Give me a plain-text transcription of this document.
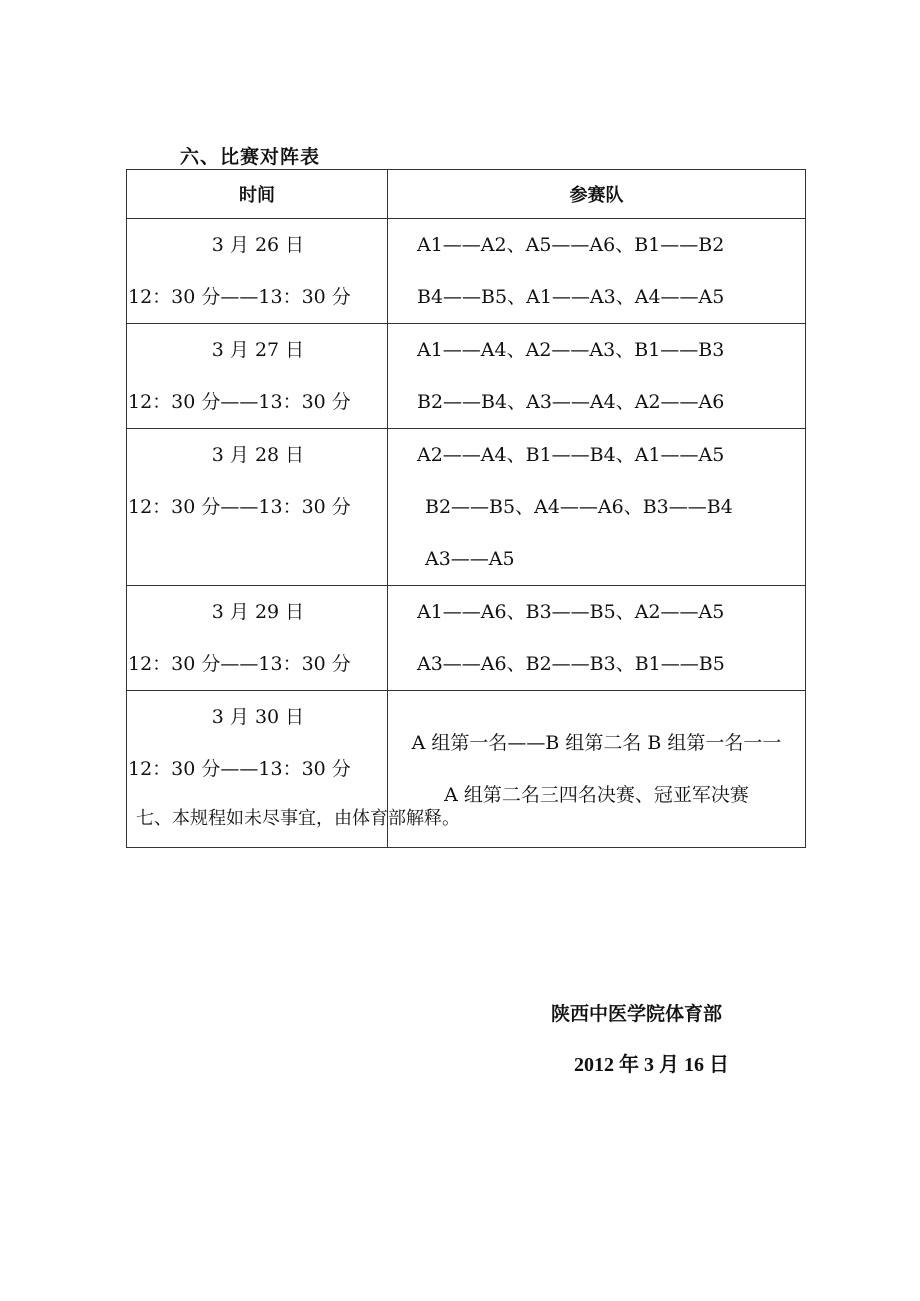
六、比赛对阵表
时间	参赛队

3 月 26 日
12：30 分——13：30 分	A1——A2、A5——A6、B1——B2
B4——B5、A1——A3、A4——A5

3 月 27 日
12：30 分——13：30 分	A1——A4、A2——A3、B1——B3
B2——B4、A3——A4、A2——A6

3 月 28 日
12：30 分——13：30 分	A2——A4、B1——B4、A1——A5
B2——B5、A4——A6、B3——B4
A3——A5

3 月 29 日
12：30 分——13：30 分	A1——A6、B3——B5、A2——A5
A3——A6、B2——B3、B1——B5

3 月 30 日
12：30 分——13：30 分	A 组第一名——B 组第二名 B 组第一名一一
A 组第二名三四名决赛、冠亚军决赛
七、本规程如未尽事宜，由体育部解释。
陕西中医学院体育部
2012 年 3 月 16 日
